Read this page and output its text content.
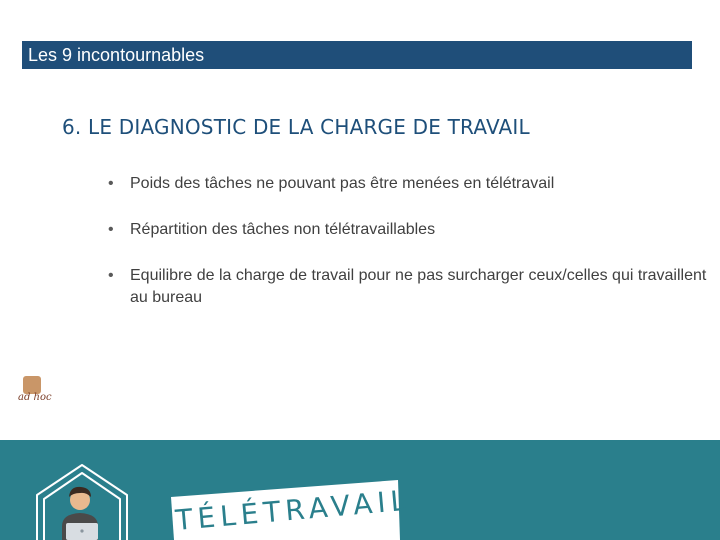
Les 9 incontournables
6. LE DIAGNOSTIC DE LA CHARGE DE TRAVAIL
• Poids des tâches ne pouvant pas être menées en télétravail
• Répartition des tâches non télétravaillables
• Equilibre de la charge de travail pour ne pas surcharger ceux/celles qui travaillent au bureau
ad hoc
TÉLÉTRAVAIL
